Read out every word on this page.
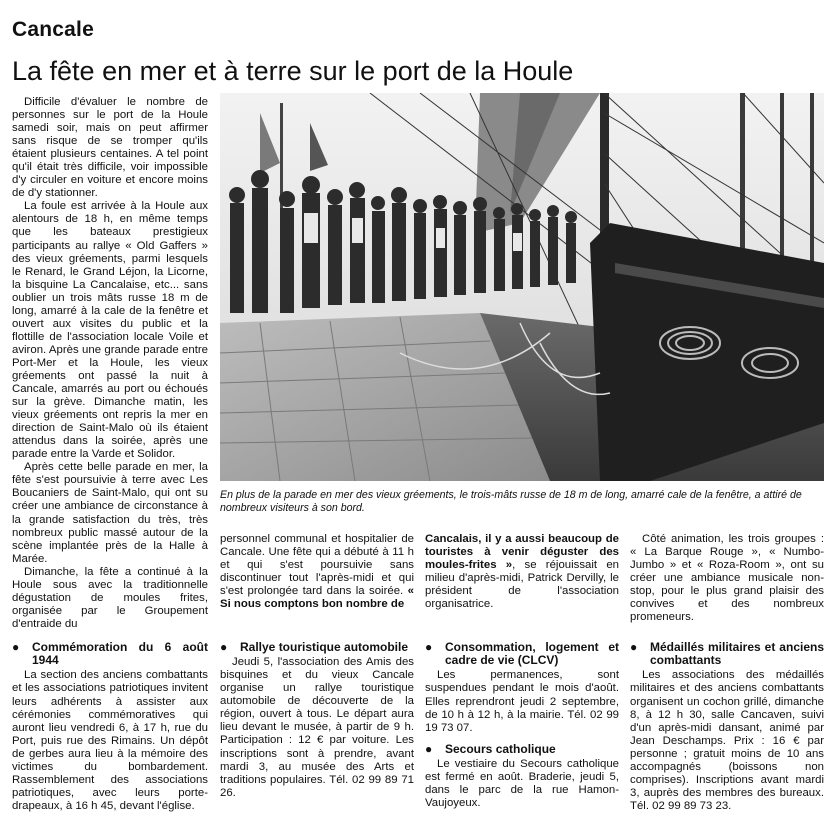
Cancale
La fête en mer et à terre sur le port de la Houle

Difficile d'évaluer le nombre de personnes sur le port de la Houle samedi soir, mais on peut affirmer sans risque de se tromper qu'ils étaient plusieurs centaines. A tel point qu'il était très difficile, voir impossible d'y circuler en voiture et encore moins de d'y stationner.

La foule est arrivée à la Houle aux alentours de 18 h, en même temps que les bateaux prestigieux participants au rallye « Old Gaffers » des vieux gréements, parmi lesquels le Renard, le Grand Léjon, la Licorne, la bisquine La Cancalaise, etc... sans oublier un trois mâts russe 18 m de long, amarré à la cale de la fenêtre et ouvert aux visites du public et la flottille de l'association locale Voile et aviron. Après une grande parade entre Port-Mer et la Houle, les vieux gréements ont passé la nuit à Cancale, amarrés au port ou échoués sur la grève. Dimanche matin, les vieux gréements ont repris la mer en direction de Saint-Malo où ils étaient attendus dans la soirée, après une parade entre la Varde et Solidor.

Après cette belle parade en mer, la fête s'est poursuivie à terre avec Les Boucaniers de Saint-Malo, qui ont su créer une ambiance de circonstance à la grande satisfaction du très, très nombreux public massé autour de la scène implantée près de la Halle à Marée.

Dimanche, la fête a continué à la Houle sous avec la traditionnelle dégustation de moules frites, organisée par le Groupement d'entraide du

En plus de la parade en mer des vieux gréements, le trois-mâts russe de 18 m de long, amarré cale de la fenêtre, a attiré de nombreux visiteurs à son bord.
personnel communal et hospitalier de Cancale. Une fête qui a débuté à 11 h et qui s'est poursuivie sans discontinuer tout l'après-midi et qui s'est prolongée tard dans la soirée. « Si nous comptons bon nombre de
Cancalais, il y a aussi beaucoup de touristes à venir déguster des moules-frites », se réjouissait en milieu d'après-midi, Patrick Dervilly, le président de l'association organisatrice.

Côté animation, les trois groupes : « La Barque Rouge », « Numbo-Jumbo » et « Roza-Room », ont su créer une ambiance musicale non-stop, pour le plus grand plaisir des convives et des nombreux promeneurs.

● Commémoration du 6 août 1944

La section des anciens combattants et les associations patriotiques invitent leurs adhérents à assister aux cérémonies commémoratives qui auront lieu vendredi 6, à 17 h, rue du Port, puis rue des Rimains. Un dépôt de gerbes aura lieu à la mémoire des victimes du bombardement. Rassemblement des associations patriotiques, avec leurs porte-drapeaux, à 16 h 45, devant l'église.

● Rallye touristique automobile

Jeudi 5, l'association des Amis des bisquines et du vieux Cancale organise un rallye touristique automobile de découverte de la région, ouvert à tous. Le départ aura lieu devant le musée, à partir de 9 h. Participation : 12 € par voiture. Les inscriptions sont à prendre, avant mardi 3, au musée des Arts et traditions populaires. Tél. 02 99 89 71 26.

● Consommation, logement et cadre de vie (CLCV)

Les permanences, sont suspendues pendant le mois d'août. Elles reprendront jeudi 2 septembre, de 10 h à 12 h, à la mairie. Tél. 02 99 19 73 07.

● Secours catholique

Le vestiaire du Secours catholique est fermé en août. Braderie, jeudi 5, dans le parc de la rue Hamon-Vaujoyeux.

● Médaillés militaires et anciens combattants

Les associations des médaillés militaires et des anciens combattants organisent un cochon grillé, dimanche 8, à 12 h 30, salle Cancaven, suivi d'un après-midi dansant, animé par Jean Deschamps. Prix : 16 € par personne ; gratuit moins de 10 ans accompagnés (boissons non comprises). Inscriptions avant mardi 3, auprès des membres des bureaux. Tél. 02 99 89 73 23.
